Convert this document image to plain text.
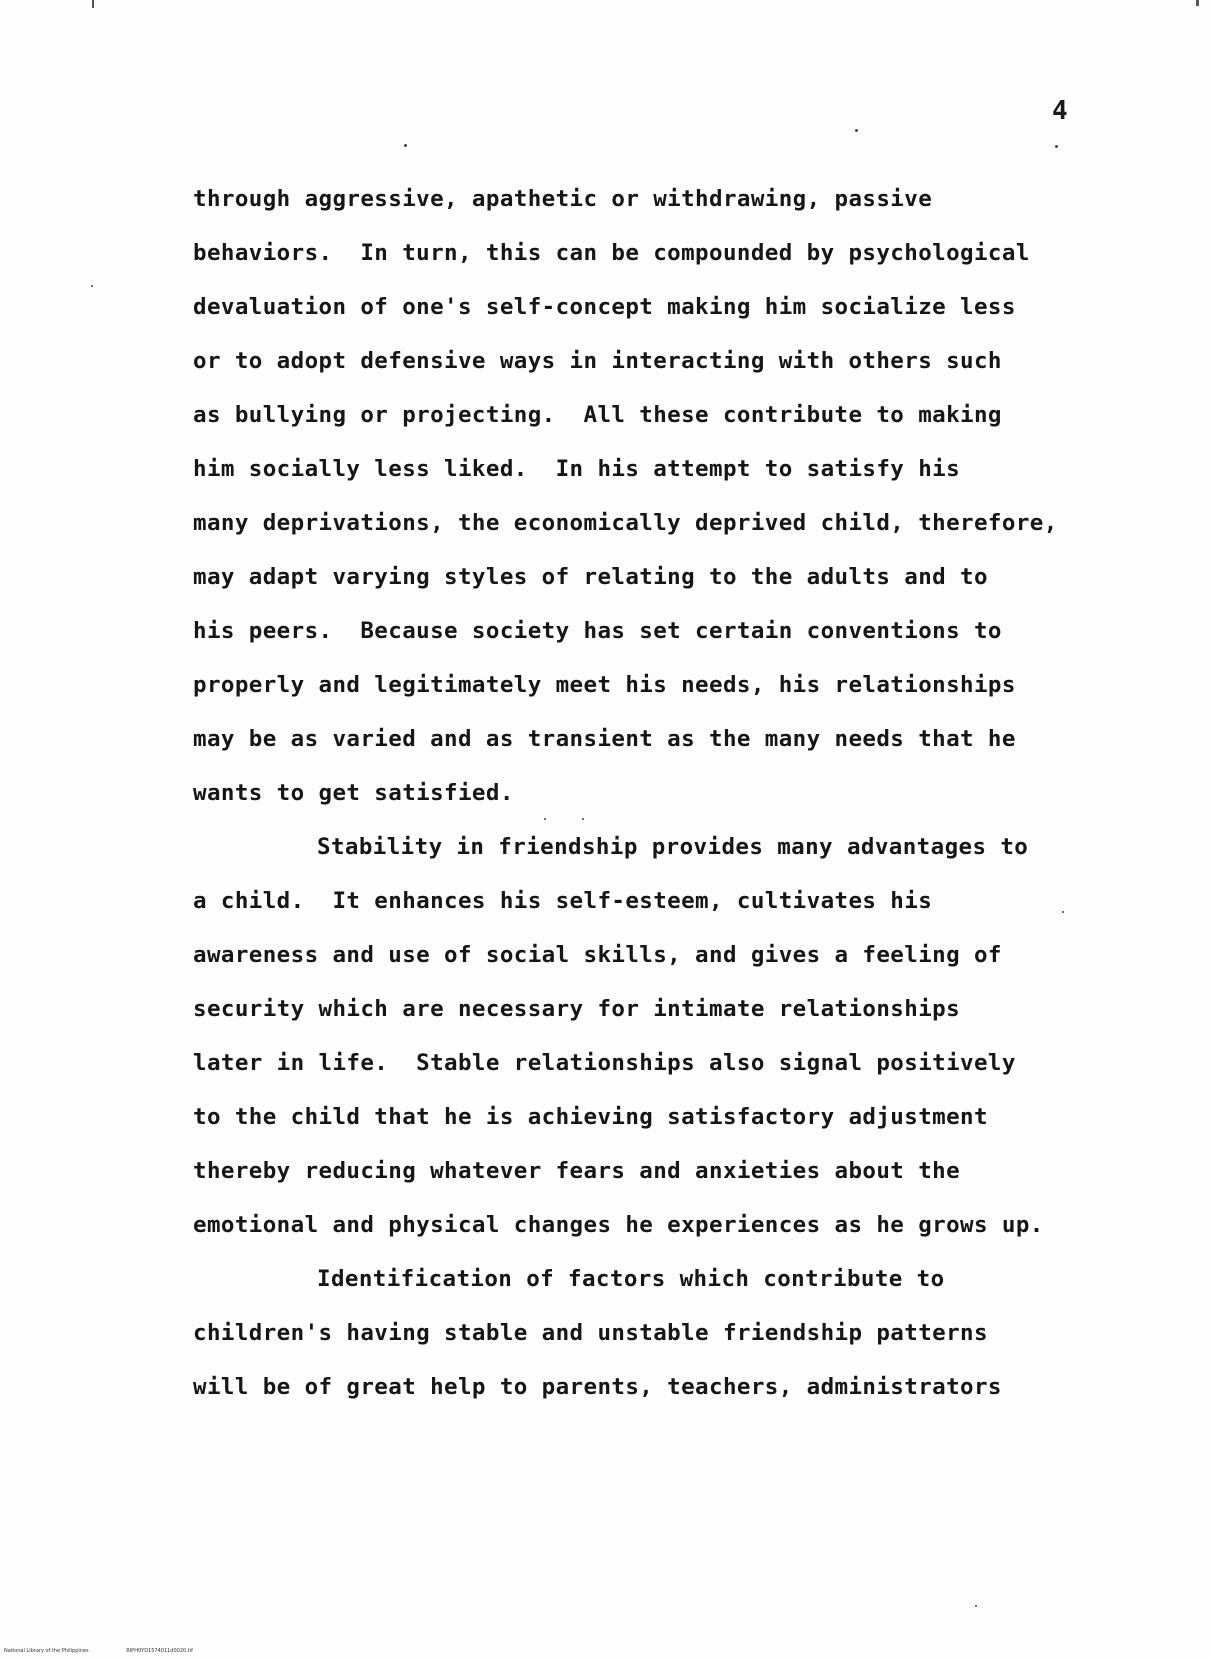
4
through aggressive, apathetic or withdrawing, passive
behaviors.  In turn, this can be compounded by psychological
devaluation of one's self-concept making him socialize less
or to adopt defensive ways in interacting with others such
as bullying or projecting.  All these contribute to making
him socially less liked.  In his attempt to satisfy his
many deprivations, the economically deprived child, therefore,
may adapt varying styles of relating to the adults and to
his peers.  Because society has set certain conventions to
properly and legitimately meet his needs, his relationships
may be as varied and as transient as the many needs that he
wants to get satisfied.
Stability in friendship provides many advantages to
a child.  It enhances his self-esteem, cultivates his
awareness and use of social skills, and gives a feeling of
security which are necessary for intimate relationships
later in life.  Stable relationships also signal positively
to the child that he is achieving satisfactory adjustment
thereby reducing whatever fears and anxieties about the
emotional and physical changes he experiences as he grows up.
Identification of factors which contribute to
children's having stable and unstable friendship patterns
will be of great help to parents, teachers, administrators
National Library of the Philippines	RIPH0YD1574011d0020.tif
